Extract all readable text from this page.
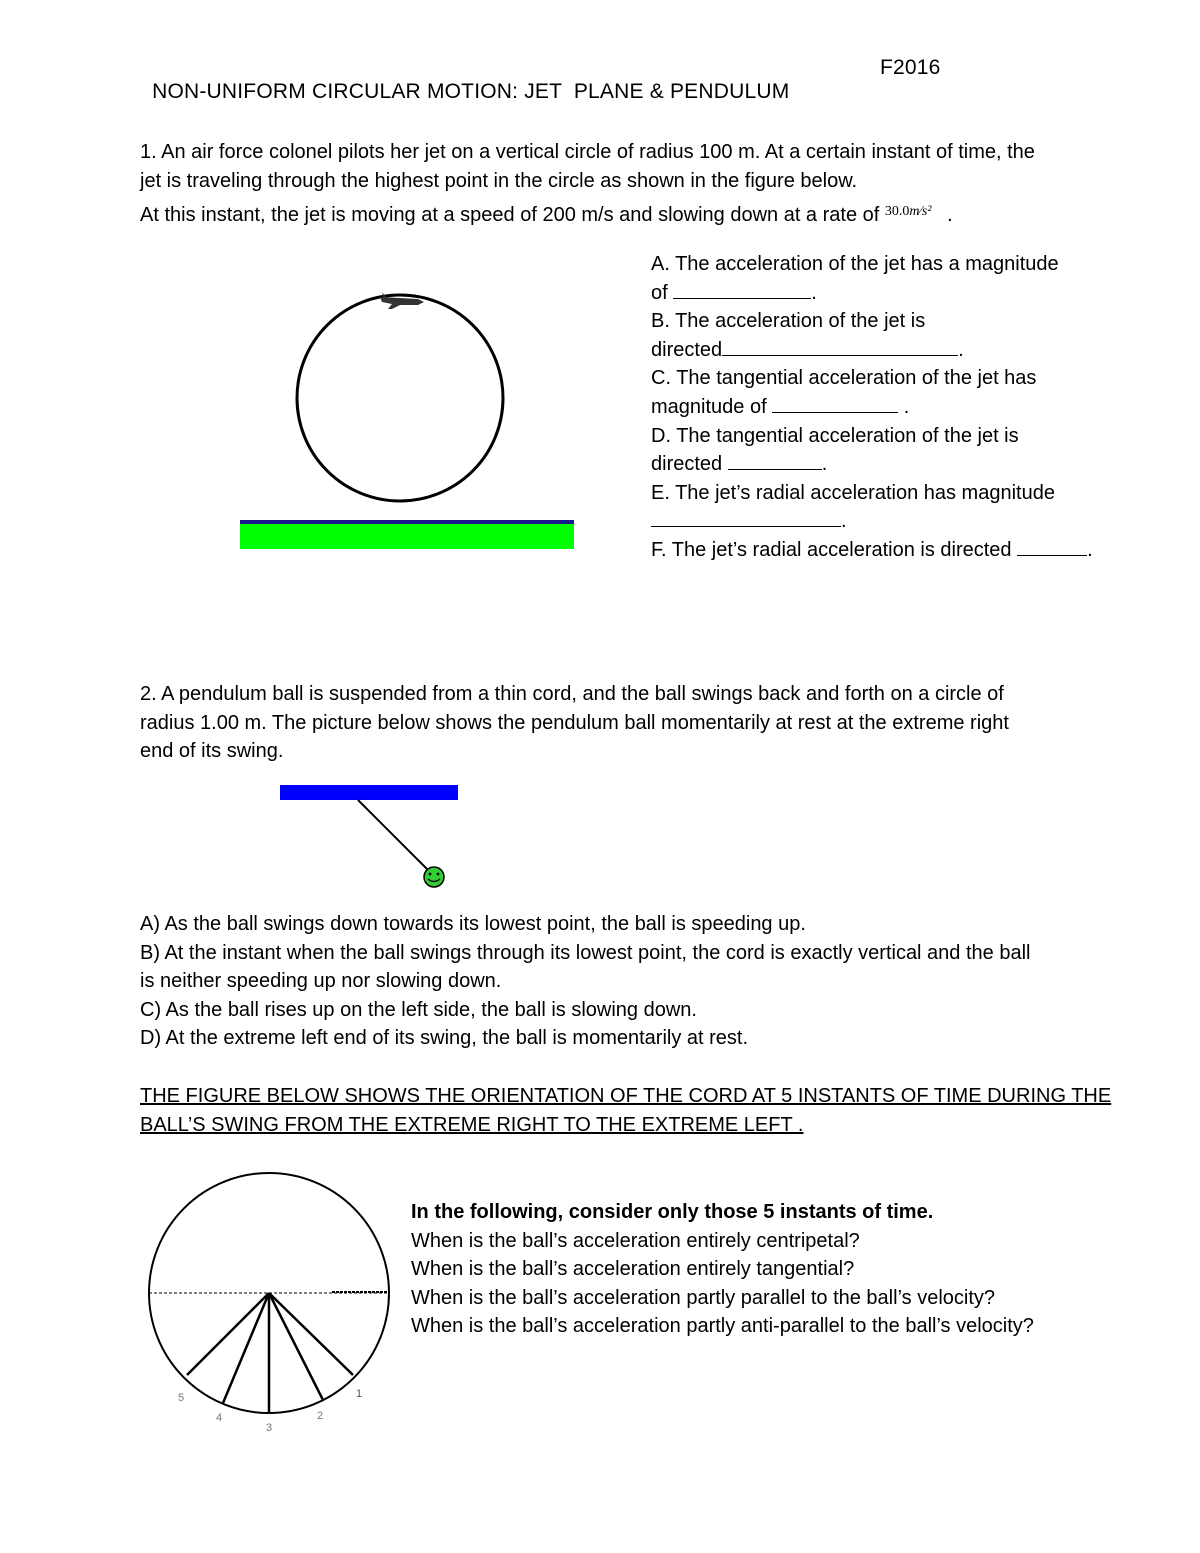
NON-UNIFORM CIRCULAR MOTION: JET  PLANE & PENDULUM

F2016
1. An air force colonel pilots her jet on a vertical circle of radius 100 m. At a certain instant of time, the
jet is traveling through the highest point in the circle as shown in the figure below.
At this instant, the jet is moving at a speed of 200 m/s and slowing down at a rate of $^{30.0m⁄s^2}$ .
A. The acceleration of the jet has a magnitude
of	.
B. The acceleration of the jet is
directed	.
C. The tangential acceleration of the jet has
magnitude of	.
D. The tangential acceleration of the jet is
directed	.
E. The jet’s radial acceleration has magnitude
.
F. The jet’s radial acceleration is directed	.
2. A pendulum ball is suspended from a thin cord, and the ball swings back and forth on a circle of
radius 1.00 m. The picture below shows the pendulum ball momentarily at rest at the extreme right
end of its swing.
A) As the ball swings down towards its lowest point, the ball is speeding up.
B) At the instant when the ball swings through its lowest point, the cord is exactly vertical and the ball
is neither speeding up nor slowing down.
C) As the ball rises up on the left side, the ball is slowing down.
D) At the extreme left end of its swing, the ball is momentarily at rest.
THE FIGURE BELOW SHOWS THE ORIENTATION OF THE CORD AT 5 INSTANTS OF TIME DURING THE
BALL’S SWING FROM THE EXTREME RIGHT TO THE EXTREME LEFT .
1
2
3
4
5
In the following, consider only those 5 instants of time.
When is the ball’s acceleration entirely centripetal?
When is the ball’s acceleration entirely tangential?
When is the ball’s acceleration partly parallel to the ball’s velocity?
When is the ball’s acceleration partly anti-parallel to the ball’s velocity?
